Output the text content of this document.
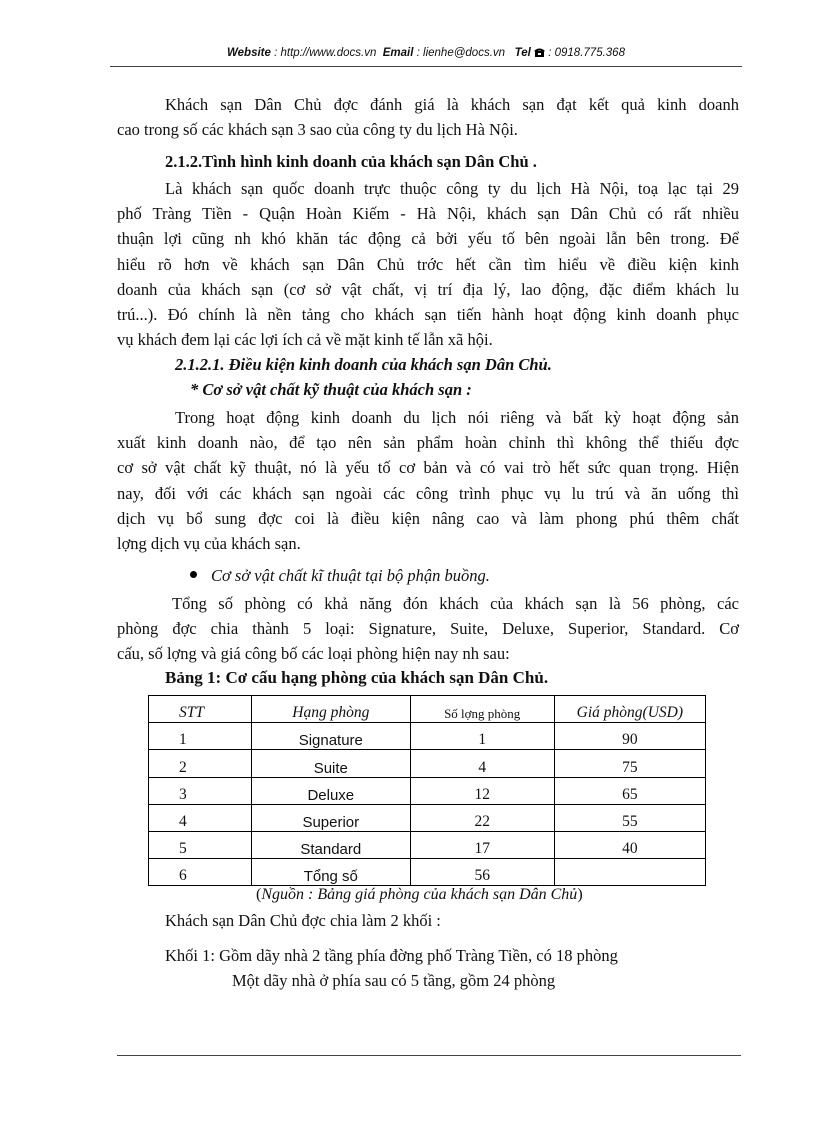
Website : http://www.docs.vn Email : lienhe@docs.vn Tel : 0918.775.368
Khách sạn Dân Chủ đợc đánh giá là khách sạn đạt kết quả kinh doanh
cao trong số các khách sạn 3 sao của công ty du lịch Hà Nội.
2.1.2.Tình hình kinh doanh của khách sạn Dân Chủ .
Là khách sạn quốc doanh trực thuộc công ty du lịch Hà Nội, toạ lạc tại 29
phố Tràng Tiền - Quận Hoàn Kiếm - Hà Nội, khách sạn Dân Chủ có rất nhiều
thuận lợi cũng nh khó khăn tác động cả bởi yếu tố bên ngoài lẫn bên trong. Để
hiểu rõ hơn về khách sạn Dân Chủ trớc hết cần tìm hiểu về điều kiện kinh
doanh của khách sạn (cơ sở vật chất, vị trí địa lý, lao động, đặc điểm khách lu
trú...). Đó chính là nền tảng cho khách sạn tiến hành hoạt động kinh doanh phục
vụ khách đem lại các lợi ích cả về mặt kinh tế lẫn xã hội.
2.1.2.1. Điều kiện kinh doanh của khách sạn Dân Chủ.
* Cơ sở vật chất kỹ thuật của khách sạn :
Trong hoạt động kinh doanh du lịch nói riêng và bất kỳ hoạt động sản
xuất kinh doanh nào, để tạo nên sản phẩm hoàn chỉnh thì không thể thiếu đợc
cơ sở vật chất kỹ thuật, nó là yếu tố cơ bản và có vai trò hết sức quan trọng. Hiện
nay, đối với các khách sạn ngoài các công trình phục vụ lu trú và ăn uống thì
dịch vụ bổ sung đợc coi là điều kiện nâng cao và làm phong phú thêm chất
lợng dịch vụ của khách sạn.
Cơ sở vật chất kĩ thuật tại bộ phận buồng.
Tổng số phòng có khả năng đón khách của khách sạn là 56 phòng, các
phòng đợc chia thành 5 loại: Signature, Suite, Deluxe, Superior, Standard. Cơ
cấu, số lợng và giá công bố các loại phòng hiện nay nh sau:
Bảng 1: Cơ cấu hạng phòng của khách sạn Dân Chủ.
STT	Hạng phòng	Số lợng phòng	Giá phòng(USD)
1	Signature	1	90
2	Suite	4	75
3	Deluxe	12	65
4	Superior	22	55
5	Standard	17	40
6	Tổng số	56	
(Nguồn : Bảng giá phòng của khách sạn Dân Chủ)
Khách sạn Dân Chủ đợc chia làm 2 khối :
Khối 1: Gồm dãy nhà 2 tầng phía đờng phố Tràng Tiền, có 18 phòng
Một dãy nhà ở phía sau có 5 tầng, gồm 24 phòng
